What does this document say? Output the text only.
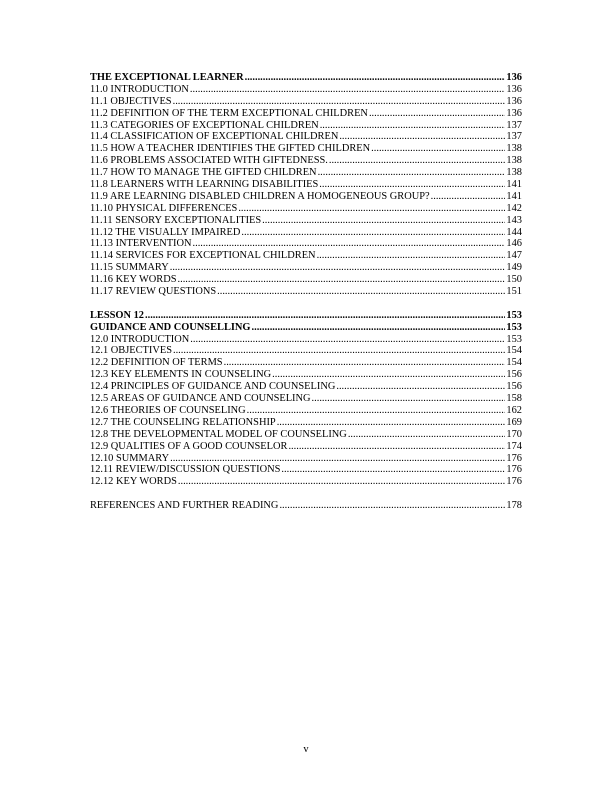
THE EXCEPTIONAL LEARNER .....	136
11.0 INTRODUCTION .....	136
11.1 OBJECTIVES .....	136
11.2 DEFINITION OF THE TERM EXCEPTIONAL CHILDREN .....	136
11.3 CATEGORIES OF EXCEPTIONAL CHILDREN .....	137
11.4 CLASSIFICATION OF EXCEPTIONAL CHILDREN .....	137
11.5 HOW A TEACHER IDENTIFIES THE GIFTED CHILDREN .....	138
11.6 PROBLEMS ASSOCIATED WITH GIFTEDNESS. .....	138
11.7 HOW TO MANAGE THE GIFTED CHILDREN .....	138
11.8 LEARNERS WITH LEARNING DISABILITIES .....	141
11.9 ARE LEARNING DISABLED CHILDREN A HOMOGENEOUS GROUP? .....	141
11.10 PHYSICAL DIFFERENCES .....	142
11.11 SENSORY EXCEPTIONALITIES .....	143
11.12 THE VISUALLY IMPAIRED .....	144
11.13 INTERVENTION .....	146
11.14 SERVICES FOR EXCEPTIONAL CHILDREN .....	147
11.15 SUMMARY .....	149
11.16 KEY WORDS .....	150
11.17 REVIEW QUESTIONS .....	151
LESSON 12 .....	153
GUIDANCE AND COUNSELLING .....	153
12.0 INTRODUCTION .....	153
12.1 OBJECTIVES .....	154
12.2 DEFINITION OF TERMS .....	154
12.3 KEY ELEMENTS IN COUNSELING .....	156
12.4 PRINCIPLES OF GUIDANCE AND COUNSELING .....	156
12.5 AREAS OF GUIDANCE AND COUNSELING .....	158
12.6 THEORIES OF COUNSELING .....	162
12.7 THE COUNSELING RELATIONSHIP .....	169
12.8 THE DEVELOPMENTAL MODEL OF COUNSELING .....	170
12.9 QUALITIES OF A GOOD COUNSELOR .....	174
12.10 SUMMARY .....	176
12.11 REVIEW/DISCUSSION QUESTIONS .....	176
12.12 KEY WORDS .....	176
REFERENCES AND FURTHER READING .....	178
v
